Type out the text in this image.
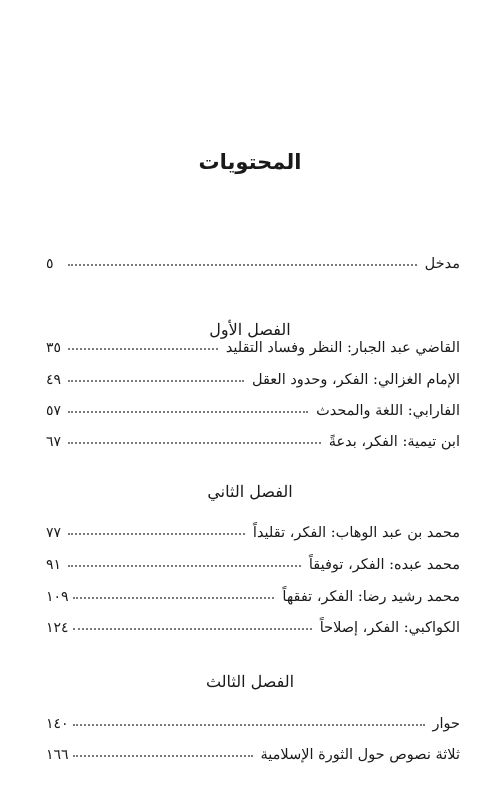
المحتويات
مدخل
٥
الفصل الأول
القاضي عبد الجبار: النظر وفساد التقليد
٣٥
الإمام الغزالي: الفكر، وحدود العقل
٤٩
الفارابي: اللغة والمحدث
٥٧
ابن تيمية: الفكر، بدعةً
٦٧
الفصل الثاني
محمد بن عبد الوهاب: الفكر، تقليداً
٧٧
محمد عبده: الفكر، توفيقاً
٩١
محمد رشيد رضا: الفكر، تفقهاً
١٠٩
الكواكبي: الفكر، إصلاحاً
١٢٤
الفصل الثالث
حوار
١٤٠
ثلاثة نصوص حول الثورة الإسلامية
١٦٦
